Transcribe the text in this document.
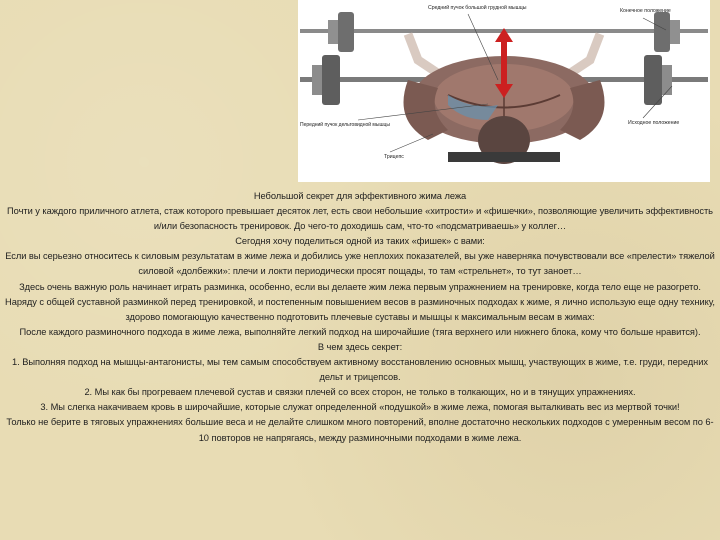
Средний пучок большой грудной мышцы	Конечное положение
Исходное положение
Передний пучок дельтовидной мышцы
Трицепс

Небольшой секрет для эффективного жима лежа

Почти у каждого приличного атлета, стаж которого превышает десяток лет, есть свои небольшие «хитрости» и «фишечки», позволяющие увеличить эффективность и/или безопасность тренировок. До чего-то доходишь сам, что-то «подсматриваешь» у коллег…

Сегодня хочу поделиться одной из таких «фишек» с вами:

Если вы серьезно относитесь к силовым результатам в жиме лежа и добились уже неплохих показателей, вы уже наверняка почувствовали все «прелести» тяжелой силовой «долбежки»: плечи и локти периодически просят пощады, то там «стрельнет», то тут занoет…

Здесь очень важную роль начинает играть разминка, особенно, если вы делаете жим лежа первым упражнением на тренировке, когда тело еще не разогрето.

Наряду с общей суставной разминкой перед тренировкой, и постепенным повышением весов в разминочных подходах к жиме, я лично использую еще одну технику, здорово помогающую качественно подготовить плечевые суставы и мышцы к максимальным весам в жимах:

После каждого разминочного подхода в жиме лежа, выполняйте легкий подход на широчайшие (тяга верхнего или нижнего блока, кому что больше нравится).

В чем здесь секрет:

1. Выполняя подход на мышцы-антагонисты, мы тем самым способствуем активному восстановлению основных мышц, участвующих в жиме, т.е. груди, передних дельт и трицепсов.

2. Мы как бы прогреваем плечевой сустав и связки плечей со всех сторон, не только в толкающих, но и в тянущих упражнениях.

3. Мы слегка накачиваем кровь в широчайшие, которые служат определенной «подушкой» в жиме лежа, помогая выталкивать вес из мертвой точки!

Только не берите в тяговых упражнениях большие веса и не делайте слишком много повторений, вполне достаточно нескольких подходов с умеренным весом по 6-10 повторов не напрягаясь, между разминочными подходами в жиме лежа.
